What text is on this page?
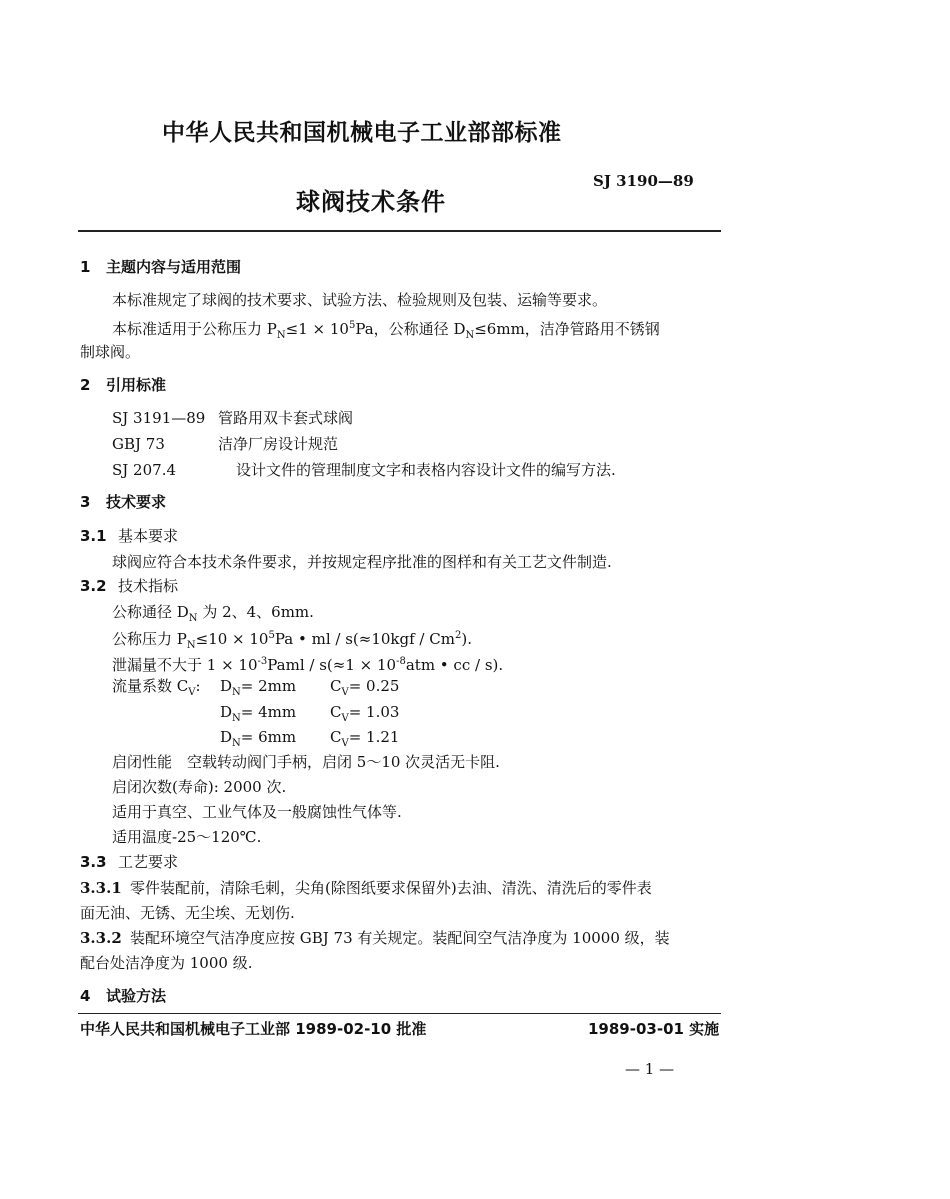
中华人民共和国机械电子工业部部标准
SJ 3190—89
球阀技术条件
1 主题内容与适用范围
本标准规定了球阀的技术要求、试验方法、检验规则及包装、运输等要求。
本标准适用于公称压力 $P_N\le 1 \times 10^5Pa$，公称通径 $D_N\le 6mm$，洁净管路用不锈钢
制球阀。
2 引用标准
SJ 3191—89 管路用双卡套式球阀
GBJ 73	洁净厂房设计规范
SJ 207.4	设计文件的管理制度文字和表格内容设计文件的编写方法.
3 技术要求
3.1 基本要求
球阀应符合本技术条件要求，并按规定程序批准的图样和有关工艺文件制造.
3.2 技术指标
公称通径 $D_N$ 为 2、4、6mm.
公称压力 $P_N\le 10 \times 10^5Pa$ • ml / s(≈10kgf / Cm$^2$).
泄漏量不大于 $1 \times 10^{-3}Paml / s(\approx 1 \times 10^{-8}atm$ • cc / s).
流量系数 $C_V$: $D_N= 2mm$ $C_V= 0.25$
$D_N= 4mm$ $C_V= 1.03$
$D_N= 6mm$ $C_V= 1.21$
启闭性能　空载转动阀门手柄，启闭 5～10 次灵活无卡阻.
启闭次数(寿命): 2000 次.
适用于真空、工业气体及一般腐蚀性气体等.
适用温度-25～120℃.
3.3 工艺要求
3.3.1 零件装配前，清除毛刺，尖角(除图纸要求保留外)去油、清洗、清洗后的零件表
面无油、无锈、无尘埃、无划伤.
3.3.2 装配环境空气洁净度应按 GBJ 73 有关规定。装配间空气洁净度为 10000 级，装
配台处洁净度为 1000 级.
4 试验方法
中华人民共和国机械电子工业部 1989-02-10 批准	1989-03-01 实施
— 1 —
